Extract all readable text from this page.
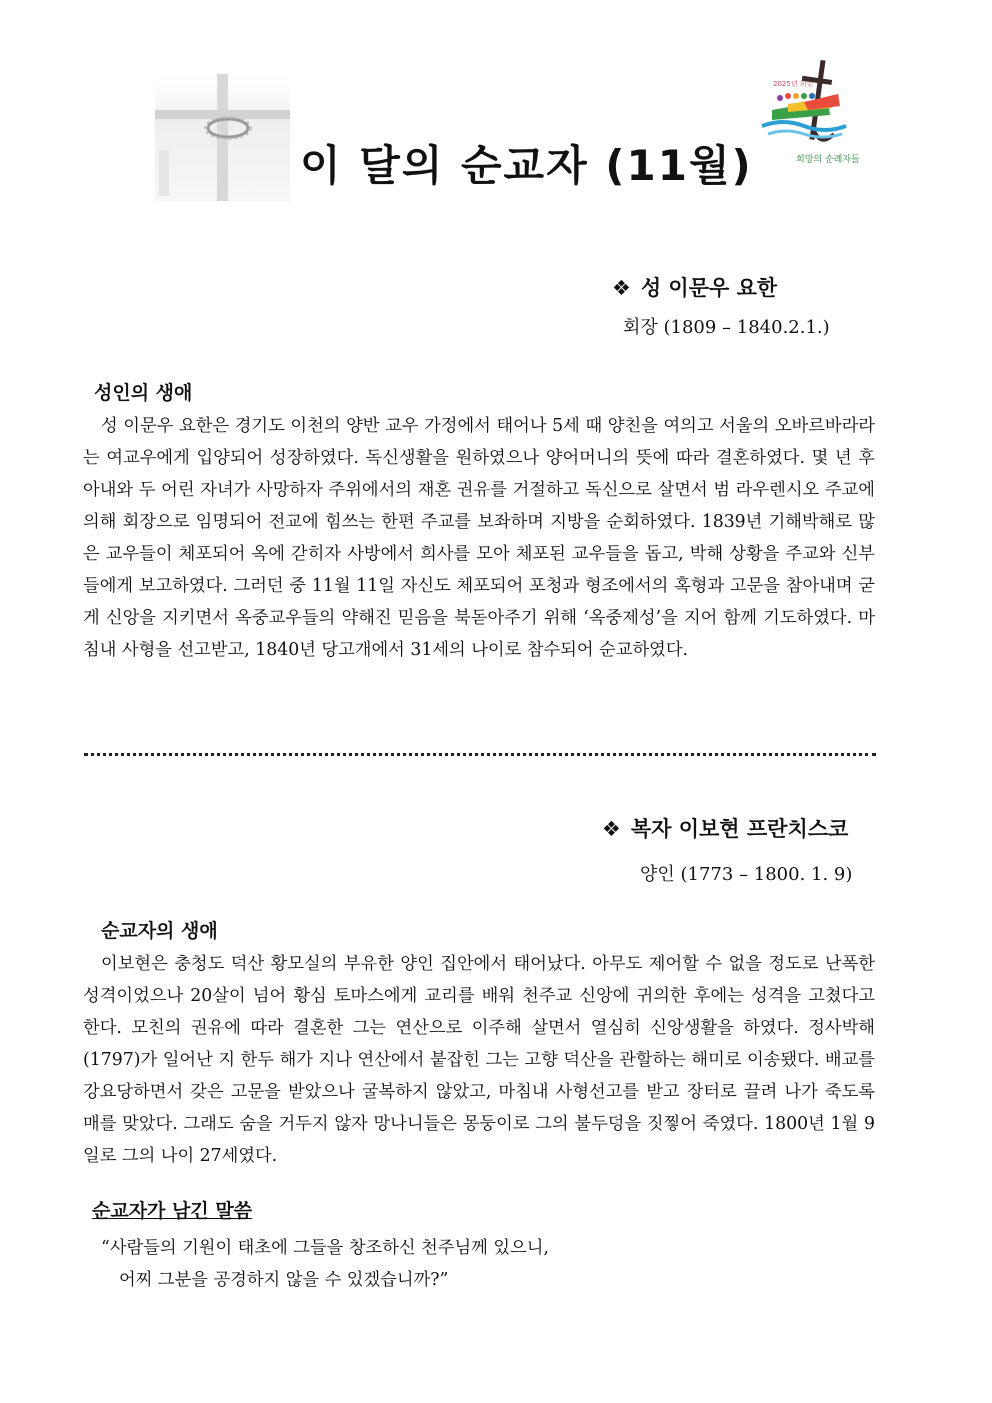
2025년 희년
희망의 순례자들
이 달의 순교자 (11월)
❖ 성 이문우 요한
회장 (1809 – 1840.2.1.)
성인의 생애

성 이문우 요한은 경기도 이천의 양반 교우 가정에서 태어나 5세 때 양친을 여의고 서울의 오바르바라라는 여교우에게 입양되어 성장하였다. 독신생활을 원하였으나 양어머니의 뜻에 따라 결혼하였다. 몇 년 후 아내와 두 어린 자녀가 사망하자 주위에서의 재혼 권유를 거절하고 독신으로 살면서 범 라우렌시오 주교에 의해 회장으로 임명되어 전교에 힘쓰는 한편 주교를 보좌하며 지방을 순회하였다. 1839년 기해박해로 많은 교우들이 체포되어 옥에 갇히자 사방에서 희사를 모아 체포된 교우들을 돕고, 박해 상황을 주교와 신부들에게 보고하였다. 그러던 중 11월 11일 자신도 체포되어 포청과 형조에서의 혹형과 고문을 참아내며 굳게 신앙을 지키면서 옥중교우들의 약해진 믿음을 북돋아주기 위해 ‘옥중제성’을 지어 함께 기도하였다. 마침내 사형을 선고받고, 1840년 당고개에서 31세의 나이로 참수되어 순교하였다.

❖ 복자 이보현 프란치스코
양인 (1773 – 1800. 1. 9)
순교자의 생애

이보현은 충청도 덕산 황모실의 부유한 양인 집안에서 태어났다. 아무도 제어할 수 없을 정도로 난폭한 성격이었으나 20살이 넘어 황심 토마스에게 교리를 배워 천주교 신앙에 귀의한 후에는 성격을 고쳤다고 한다. 모친의 권유에 따라 결혼한 그는 연산으로 이주해 살면서 열심히 신앙생활을 하였다. 정사박해(1797)가 일어난 지 한두 해가 지나 연산에서 붙잡힌 그는 고향 덕산을 관할하는 해미로 이송됐다. 배교를 강요당하면서 갖은 고문을 받았으나 굴복하지 않았고, 마침내 사형선고를 받고 장터로 끌려 나가 죽도록 매를 맞았다. 그래도 숨을 거두지 않자 망나니들은 몽둥이로 그의 불두덩을 짓찧어 죽였다. 1800년 1월 9일로 그의 나이 27세였다.

순교자가 남긴 말씀
“사람들의 기원이 태초에 그들을 창조하신 천주님께 있으니,
어찌 그분을 공경하지 않을 수 있겠습니까?”
